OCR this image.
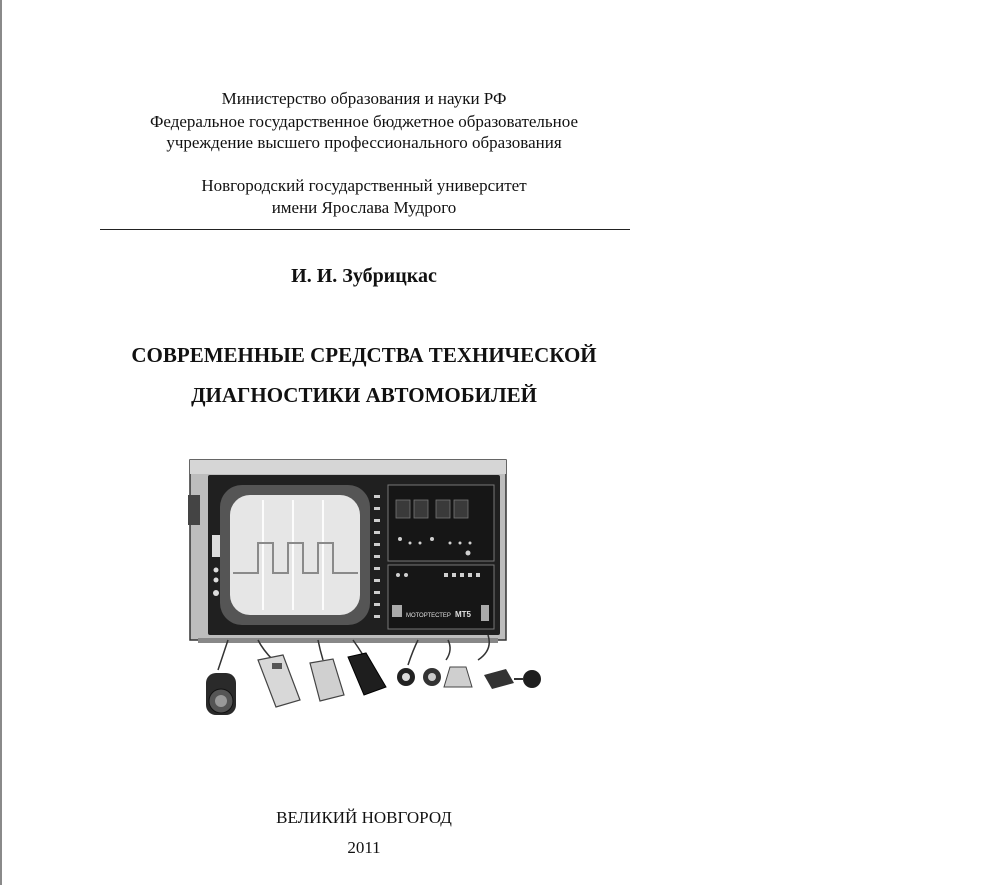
Министерство образования и науки РФ
Федеральное государственное бюджетное образовательное
учреждение высшего профессионального образования
Новгородский государственный университет
имени Ярослава Мудрого
И. И. Зубрицкас
СОВРЕМЕННЫЕ СРЕДСТВА ТЕХНИЧЕСКОЙ
ДИАГНОСТИКИ АВТОМОБИЛЕЙ
МОТОРТЕСТЕР МТ5
ВЕЛИКИЙ НОВГОРОД
2011
